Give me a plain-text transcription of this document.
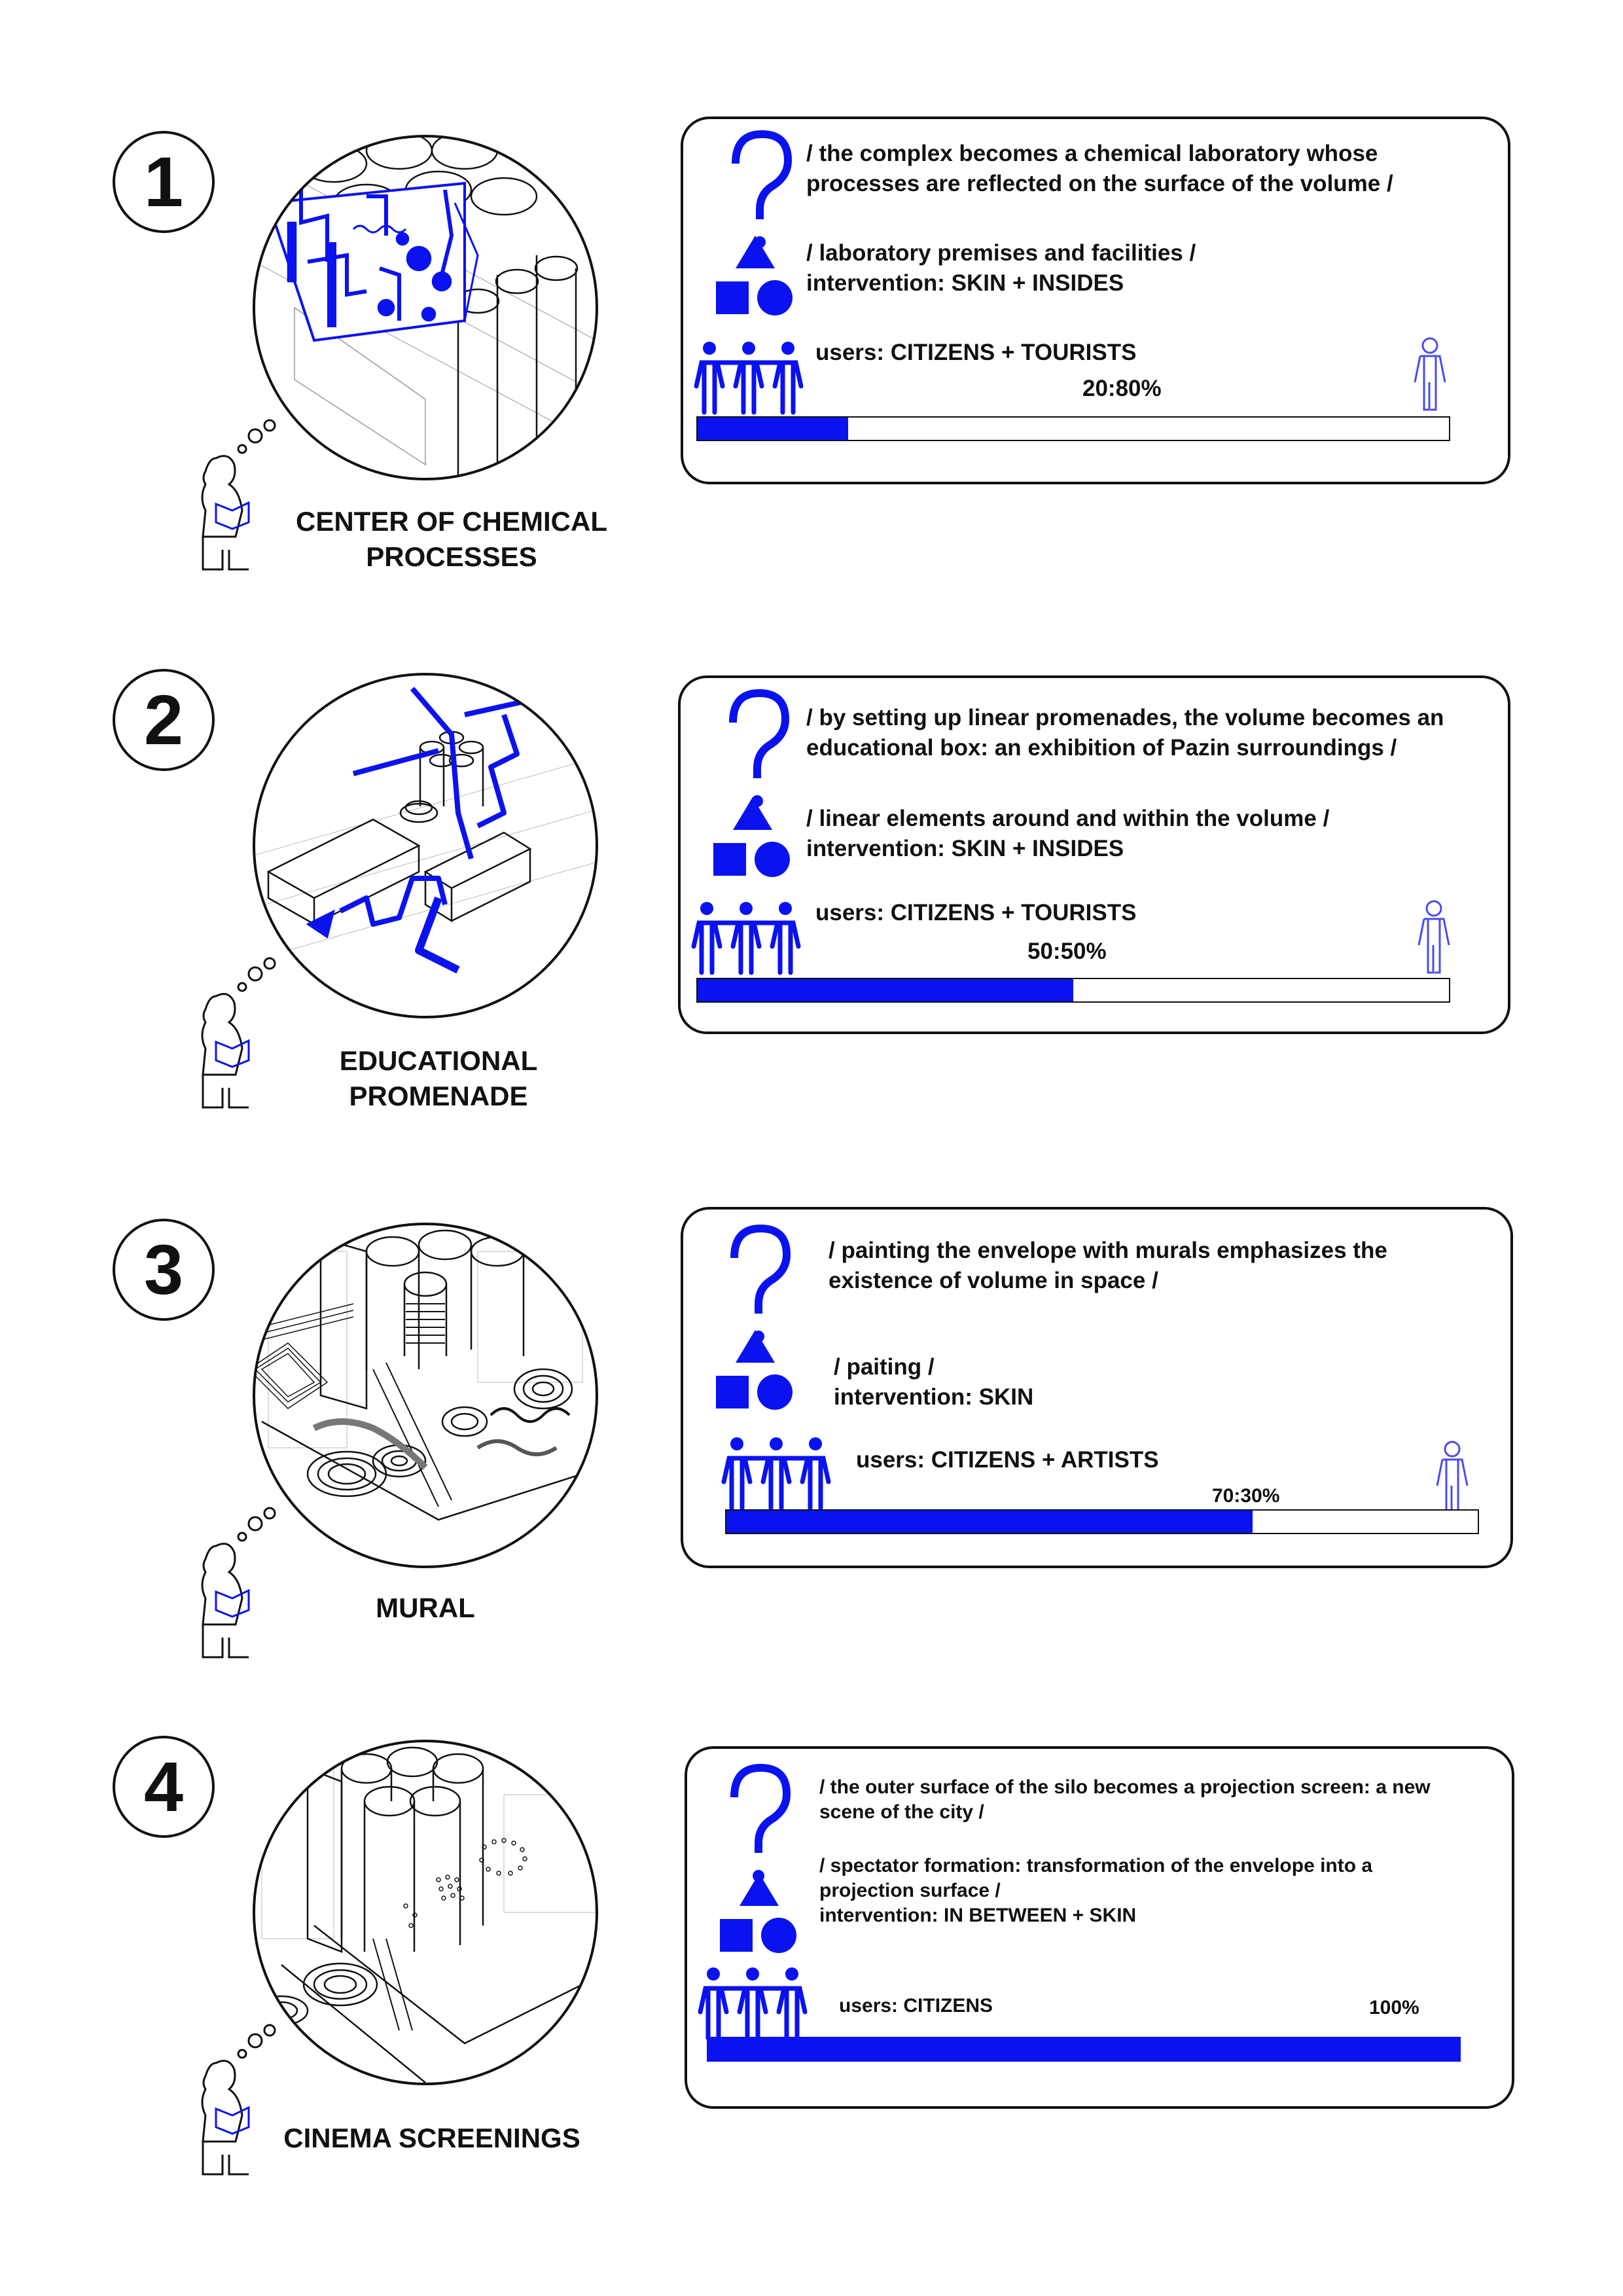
1
CENTER OF CHEMICAL
PROCESSES
/ the complex becomes a chemical laboratory whose
processes are reflected on the surface of the volume /
/ laboratory premises and facilities /
intervention: SKIN + INSIDES
users: CITIZENS + TOURISTS
20:80%
2
EDUCATIONAL
PROMENADE
/ by setting up linear promenades, the volume becomes an
educational box: an exhibition of Pazin surroundings /
/ linear elements around and within the volume /
intervention: SKIN + INSIDES
users: CITIZENS + TOURISTS
50:50%
3
MURAL
/ painting the envelope with murals emphasizes the
existence of volume in space /
/ paiting /
intervention: SKIN
users: CITIZENS + ARTISTS
70:30%
4
CINEMA SCREENINGS
/ the outer surface of the silo becomes a projection screen: a new
scene of the city /
/ spectator formation: transformation of the envelope into a
projection surface /
intervention: IN BETWEEN + SKIN
users: CITIZENS	100%
